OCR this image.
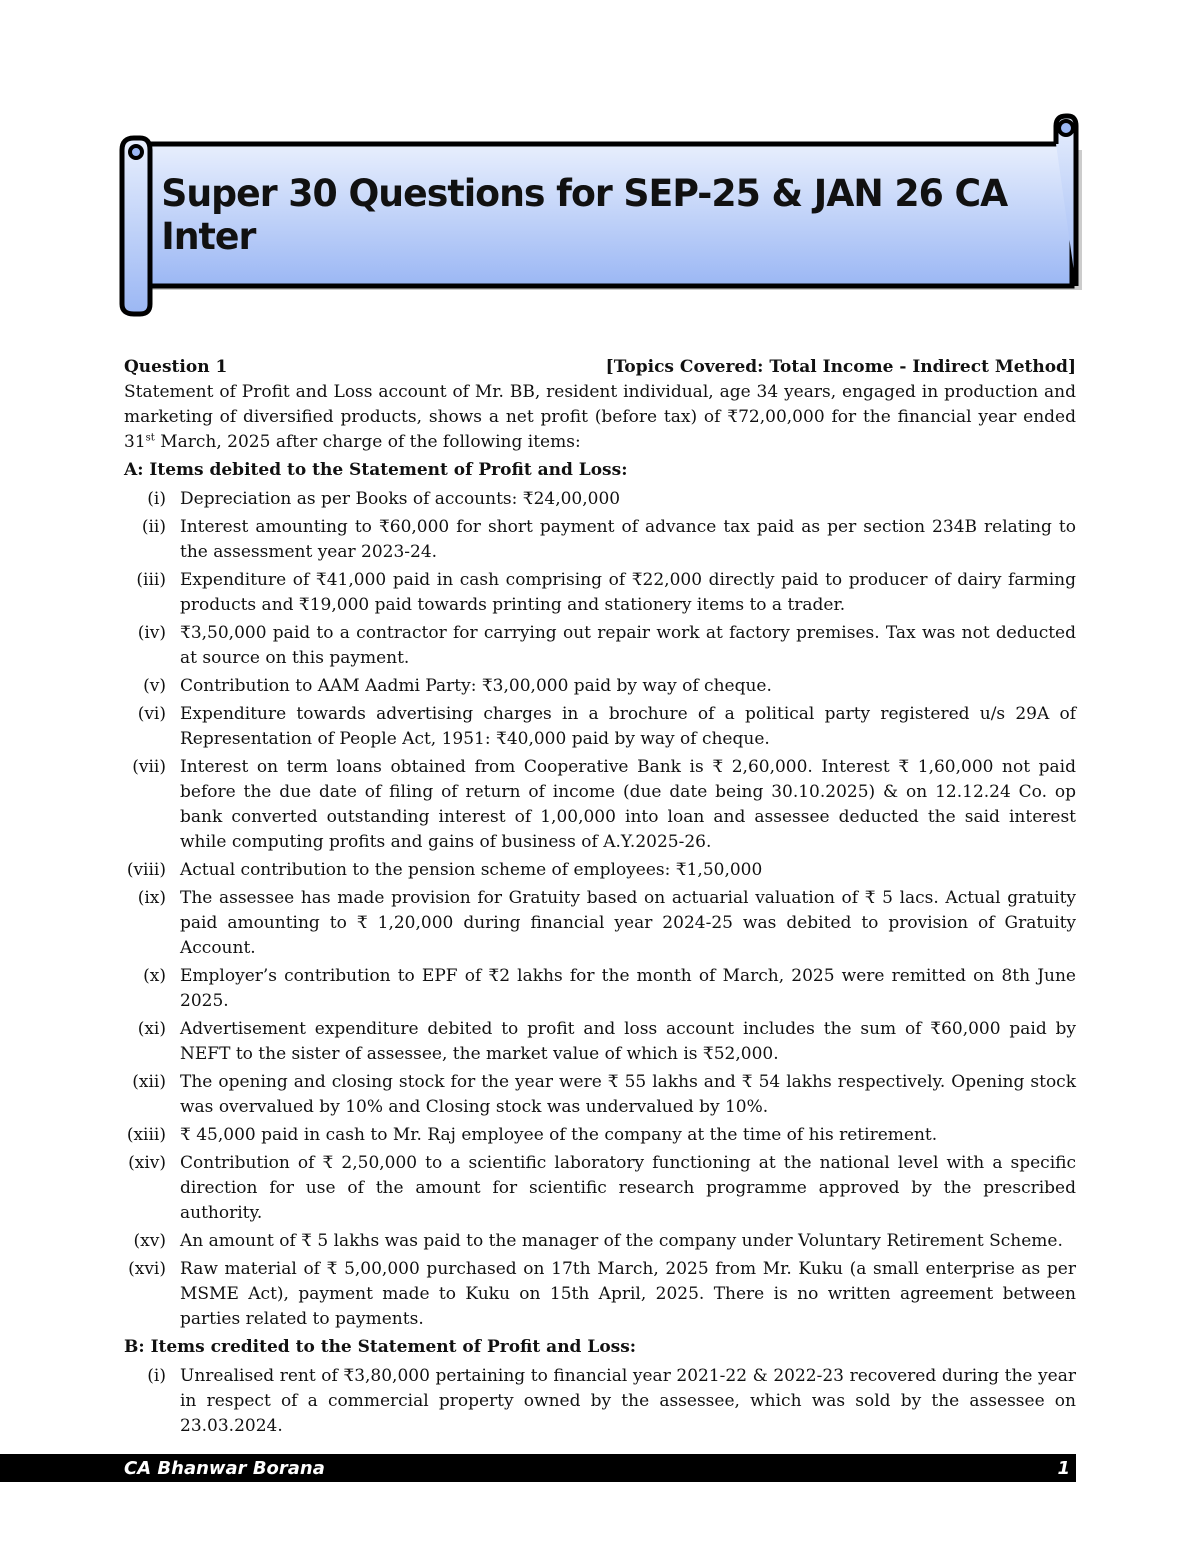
Super 30 Questions for SEP-25 & JAN 26 CA Inter
Question 1	[Topics Covered: Total Income - Indirect Method]

Statement of Profit and Loss account of Mr. BB, resident individual, age 34 years, engaged in production and marketing of diversified products, shows a net profit (before tax) of ₹72,00,000 for the financial year ended 31st March, 2025 after charge of the following items:

A: Items debited to the Statement of Profit and Loss:
(i) Depreciation as per Books of accounts: ₹24,00,000
(ii) Interest amounting to ₹60,000 for short payment of advance tax paid as per section 234B relating to the assessment year 2023-24.
(iii) Expenditure of ₹41,000 paid in cash comprising of ₹22,000 directly paid to producer of dairy farming products and ₹19,000 paid towards printing and stationery items to a trader.
(iv) ₹3,50,000 paid to a contractor for carrying out repair work at factory premises. Tax was not deducted at source on this payment.
(v) Contribution to AAM Aadmi Party: ₹3,00,000 paid by way of cheque.
(vi) Expenditure towards advertising charges in a brochure of a political party registered u/s 29A of Representation of People Act, 1951: ₹40,000 paid by way of cheque.
(vii) Interest on term loans obtained from Cooperative Bank is ₹ 2,60,000. Interest ₹ 1,60,000 not paid before the due date of filing of return of income (due date being 30.10.2025) & on 12.12.24 Co. op bank converted outstanding interest of 1,00,000 into loan and assessee deducted the said interest while computing profits and gains of business of A.Y.2025-26.
(viii) Actual contribution to the pension scheme of employees: ₹1,50,000
(ix) The assessee has made provision for Gratuity based on actuarial valuation of ₹ 5 lacs. Actual gratuity paid amounting to ₹ 1,20,000 during financial year 2024-25 was debited to provision of Gratuity Account.
(x) Employer’s contribution to EPF of ₹2 lakhs for the month of March, 2025 were remitted on 8th June 2025.
(xi) Advertisement expenditure debited to profit and loss account includes the sum of ₹60,000 paid by NEFT to the sister of assessee, the market value of which is ₹52,000.
(xii) The opening and closing stock for the year were ₹ 55 lakhs and ₹ 54 lakhs respectively. Opening stock was overvalued by 10% and Closing stock was undervalued by 10%.
(xiii) ₹ 45,000 paid in cash to Mr. Raj employee of the company at the time of his retirement.
(xiv) Contribution of ₹ 2,50,000 to a scientific laboratory functioning at the national level with a specific direction for use of the amount for scientific research programme approved by the prescribed authority.
(xv) An amount of ₹ 5 lakhs was paid to the manager of the company under Voluntary Retirement Scheme.
(xvi) Raw material of ₹ 5,00,000 purchased on 17th March, 2025 from Mr. Kuku (a small enterprise as per MSME Act), payment made to Kuku on 15th April, 2025. There is no written agreement between parties related to payments.
B: Items credited to the Statement of Profit and Loss:
(i) Unrealised rent of ₹3,80,000 pertaining to financial year 2021-22 & 2022-23 recovered during the year in respect of a commercial property owned by the assessee, which was sold by the assessee on 23.03.2024.
CA Bhanwar Borana	1
